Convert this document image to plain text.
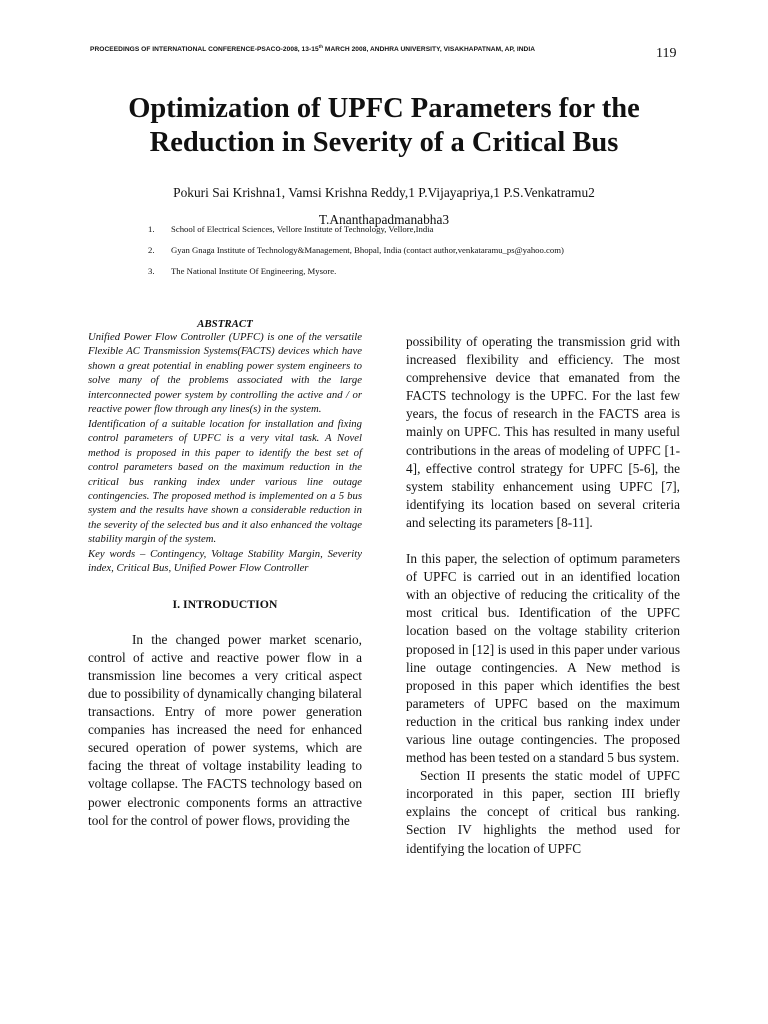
PROCEEDINGS OF INTERNATIONAL CONFERENCE-PSACO-2008, 13-15th MARCH 2008, ANDHRA UNIVERSITY, VISAKHAPATNAM, AP, INDIA	119
Optimization of UPFC Parameters for the
Reduction in Severity of a Critical Bus
Pokuri Sai Krishna1, Vamsi Krishna Reddy,1 P.Vijayapriya,1 P.S.Venkatramu2
T.Ananthapadmanabha3
1. School of Electrical Sciences, Vellore Institute of Technology, Vellore,India
2. Gyan Gnaga Institute of Technology&Management, Bhopal, India (contact author,venkataramu_ps@yahoo.com)
3. The National Institute Of Engineering, Mysore.
ABSTRACT

Unified Power Flow Controller (UPFC) is one of the versatile Flexible AC Transmission Systems(FACTS) devices which have shown a great potential in enabling power system engineers to solve many of the problems associated with the large interconnected power system by controlling the active and / or reactive power flow through any lines(s) in the system.

Identification of a suitable location for installation and fixing control parameters of UPFC is a very vital task. A Novel method is proposed in this paper to identify the best set of control parameters based on the maximum reduction in the critical bus ranking index under various line outage contingencies. The proposed method is implemented on a 5 bus system and the results have shown a considerable reduction in the severity of the selected bus and it also enhanced the voltage stability margin of the system.

Key words – Contingency, Voltage Stability Margin, Severity index, Critical Bus, Unified Power Flow Controller

I. INTRODUCTION

In the changed power market scenario, control of active and reactive power flow in a transmission line becomes a very critical aspect due to possibility of dynamically changing bilateral transactions. Entry of more power generation companies has increased the need for enhanced secured operation of power systems, which are facing the threat of voltage instability leading to voltage collapse. The FACTS technology based on power electronic components forms an attractive tool for the control of power flows, providing the

possibility of operating the transmission grid with increased flexibility and efficiency. The most comprehensive device that emanated from the FACTS technology is the UPFC. For the last few years, the focus of research in the FACTS area is mainly on UPFC. This has resulted in many useful contributions in the areas of modeling of UPFC [1-4], effective control strategy for UPFC [5-6], the system stability enhancement using UPFC [7], identifying its location based on several criteria and selecting its parameters [8-11].

In this paper, the selection of optimum parameters of UPFC is carried out in an identified location with an objective of reducing the criticality of the most critical bus. Identification of the UPFC location based on the voltage stability criterion proposed in [12] is used in this paper under various line outage contingencies. A New method is proposed in this paper which identifies the best parameters of UPFC based on the maximum reduction in the critical bus ranking index under various line outage contingencies. The proposed method has been tested on a standard 5 bus system.

Section II presents the static model of UPFC incorporated in this paper, section III briefly explains the concept of critical bus ranking. Section IV highlights the method used for identifying the location of UPFC
